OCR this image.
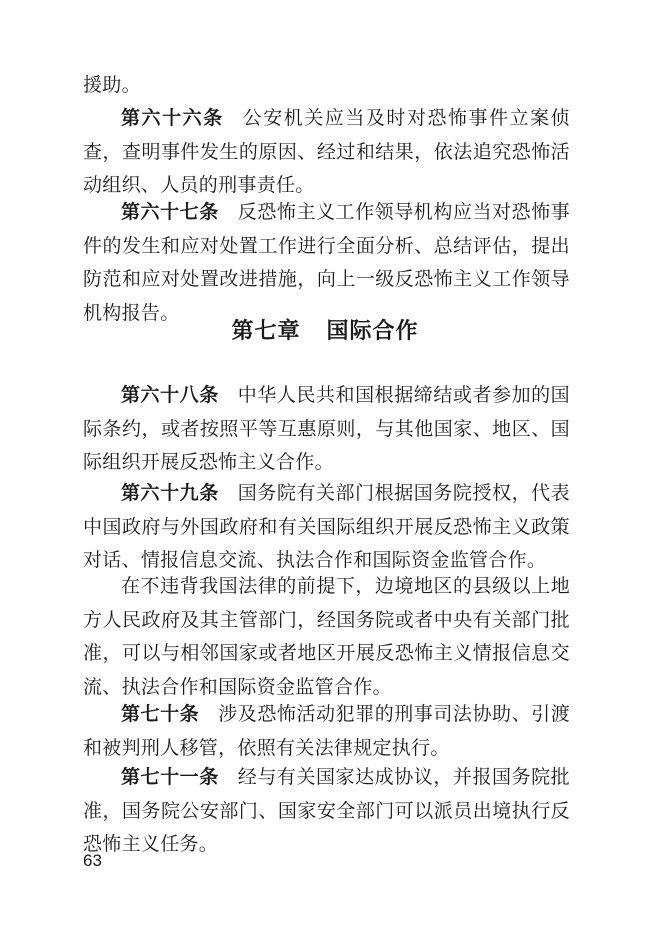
援助。

第六十六条 公安机关应当及时对恐怖事件立案侦查，查明事件发生的原因、经过和结果，依法追究恐怖活动组织、人员的刑事责任。

第六十七条 反恐怖主义工作领导机构应当对恐怖事件的发生和应对处置工作进行全面分析、总结评估，提出防范和应对处置改进措施，向上一级反恐怖主义工作领导机构报告。

第七章 国际合作

第六十八条 中华人民共和国根据缔结或者参加的国际条约，或者按照平等互惠原则，与其他国家、地区、国际组织开展反恐怖主义合作。

第六十九条 国务院有关部门根据国务院授权，代表中国政府与外国政府和有关国际组织开展反恐怖主义政策对话、情报信息交流、执法合作和国际资金监管合作。

在不违背我国法律的前提下，边境地区的县级以上地方人民政府及其主管部门，经国务院或者中央有关部门批准，可以与相邻国家或者地区开展反恐怖主义情报信息交流、执法合作和国际资金监管合作。

第七十条 涉及恐怖活动犯罪的刑事司法协助、引渡和被判刑人移管，依照有关法律规定执行。

第七十一条 经与有关国家达成协议，并报国务院批准，国务院公安部门、国家安全部门可以派员出境执行反恐怖主义任务。

63
